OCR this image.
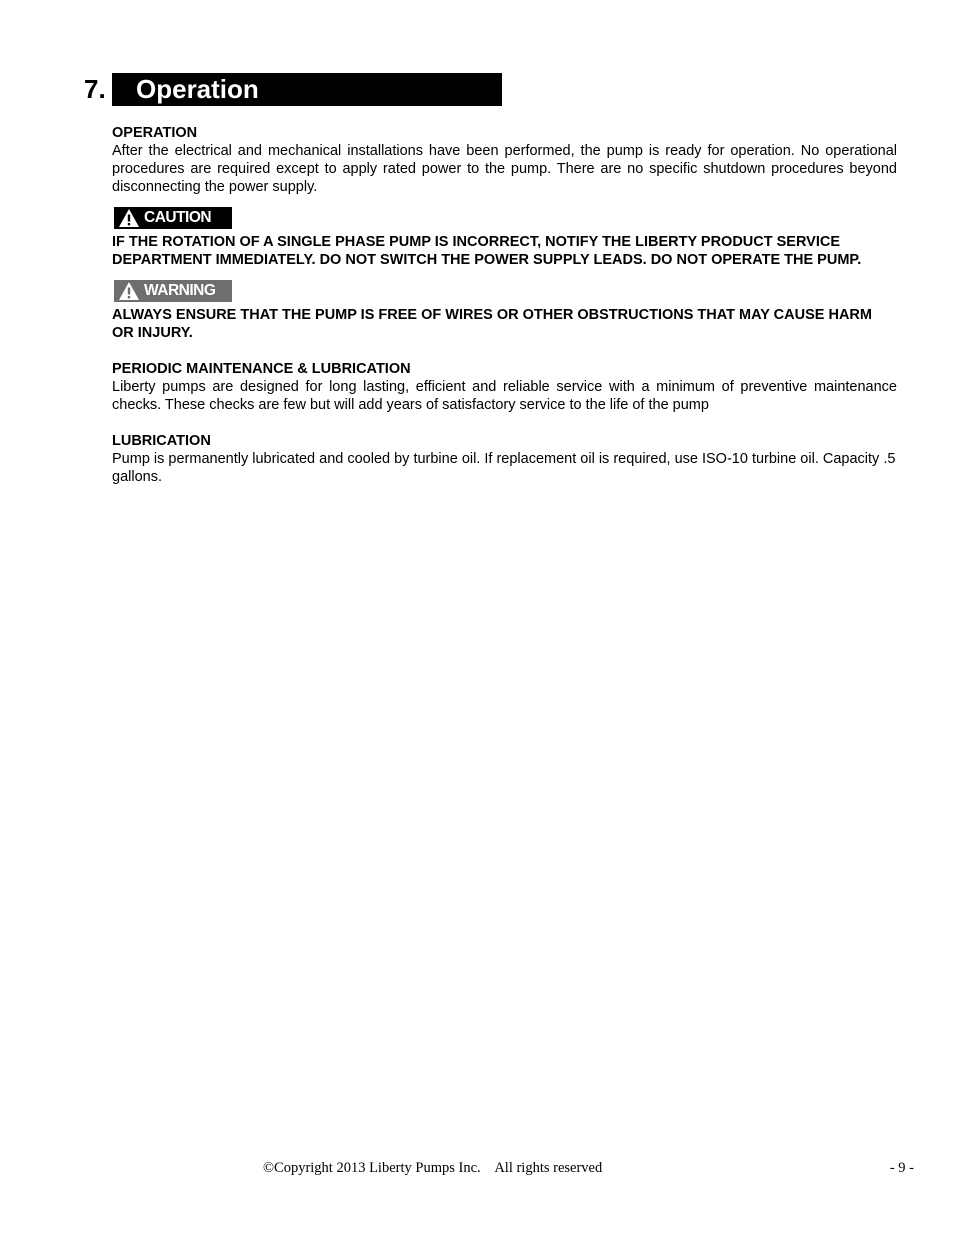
7.	Operation

OPERATION

After the electrical and mechanical installations have been performed, the pump is ready for operation. No operational procedures are required except to apply rated power to the pump. There are no specific shutdown procedures beyond disconnecting the power supply.

CAUTION

IF THE ROTATION OF A SINGLE PHASE PUMP IS INCORRECT, NOTIFY THE LIBERTY PRODUCT SERVICE DEPARTMENT IMMEDIATELY. DO NOT SWITCH THE POWER SUPPLY LEADS. DO NOT OPERATE THE PUMP.

WARNING

ALWAYS ENSURE THAT THE PUMP IS FREE OF WIRES OR OTHER OBSTRUCTIONS THAT MAY CAUSE HARM OR INJURY.

PERIODIC MAINTENANCE & LUBRICATION

Liberty pumps are designed for long lasting, efficient and reliable service with a minimum of preventive maintenance checks. These checks are few but will add years of satisfactory service to the life of the pump

LUBRICATION

Pump is permanently lubricated and cooled by turbine oil. If replacement oil is required, use ISO-10 turbine oil. Capacity .5 gallons.

©Copyright 2013 Liberty Pumps Inc.    All rights reserved	- 9 -
